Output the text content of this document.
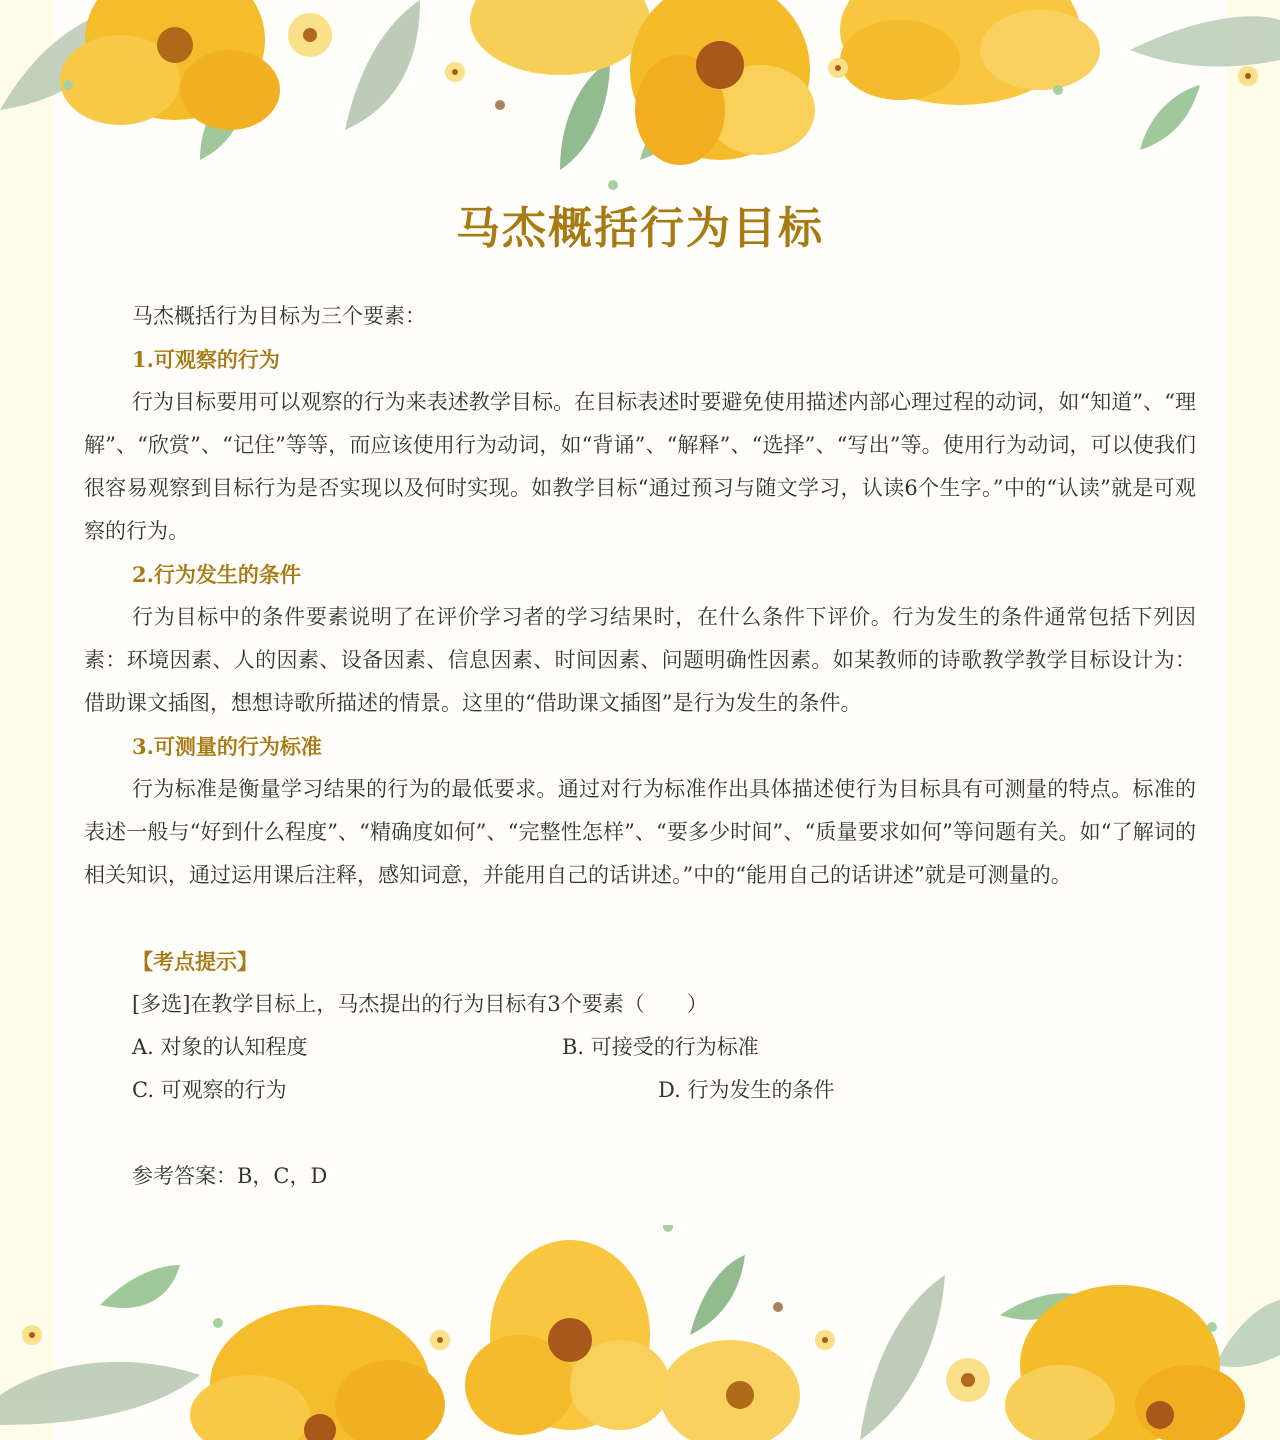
马杰概括行为目标

马杰概括行为目标为三个要素：

1.可观察的行为

行为目标要用可以观察的行为来表述教学目标。在目标表述时要避免使用描述内部心理过程的动词，如“知道”、“理解”、“欣赏”、“记住”等等，而应该使用行为动词，如“背诵”、“解释”、“选择”、“写出”等。使用行为动词，可以使我们很容易观察到目标行为是否实现以及何时实现。如教学目标“通过预习与随文学习，认读6个生字。”中的“认读”就是可观察的行为。

2.行为发生的条件

行为目标中的条件要素说明了在评价学习者的学习结果时，在什么条件下评价。行为发生的条件通常包括下列因素：环境因素、人的因素、设备因素、信息因素、时间因素、问题明确性因素。如某教师的诗歌教学教学目标设计为：借助课文插图，想想诗歌所描述的情景。这里的“借助课文插图”是行为发生的条件。

3.可测量的行为标准

行为标准是衡量学习结果的行为的最低要求。通过对行为标准作出具体描述使行为目标具有可测量的特点。标准的表述一般与“好到什么程度”、“精确度如何”、“完整性怎样”、“要多少时间”、“质量要求如何”等问题有关。如“了解词的相关知识，通过运用课后注释，感知词意，并能用自己的话讲述。”中的“能用自己的话讲述”就是可测量的。

【考点提示】

[多选]在教学目标上，马杰提出的行为目标有3个要素（　　）

A. 对象的认知程度	B. 可接受的行为标准
C. 可观察的行为	D. 行为发生的条件

参考答案：B，C，D
